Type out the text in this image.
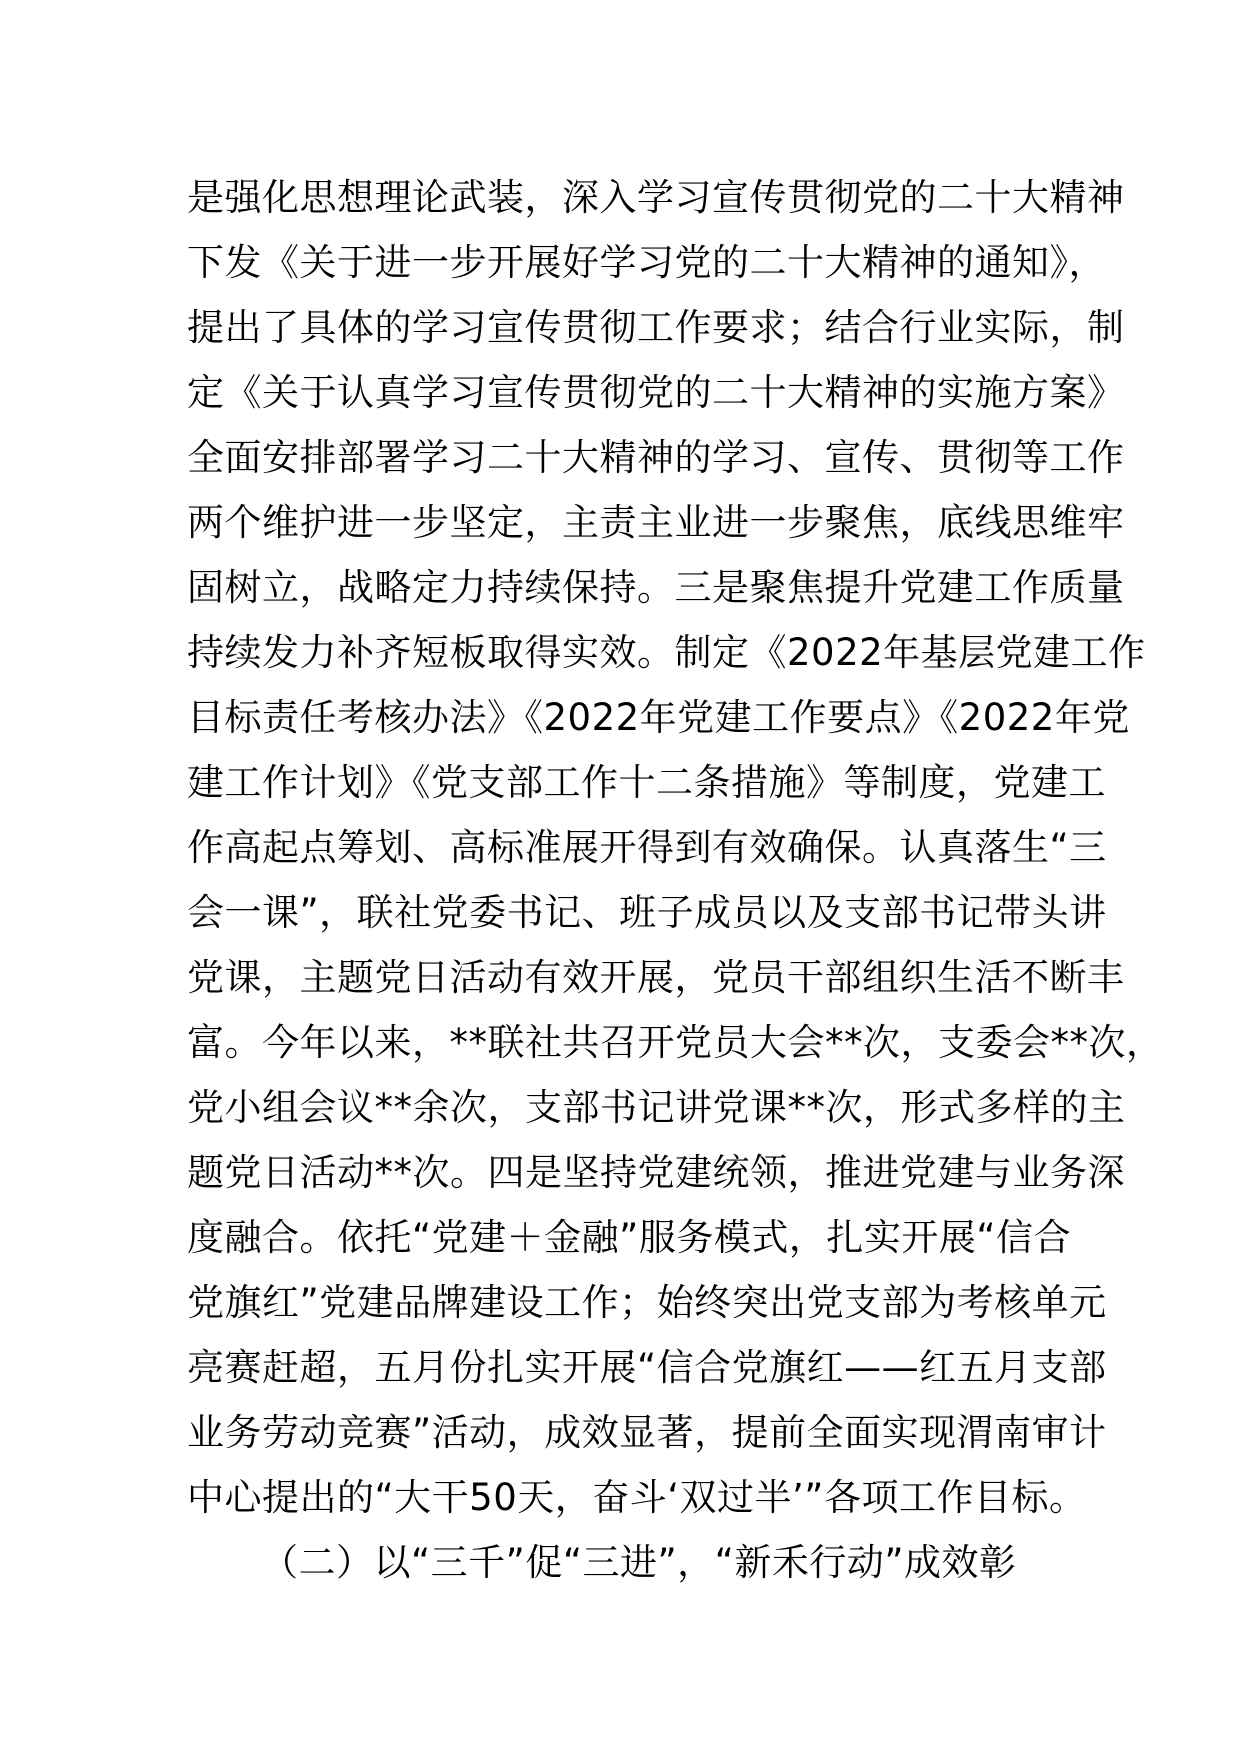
是强化思想理论武装，深入学习宣传贯彻党的二十大精神
下发《关于进一步开展好学习党的二十大精神的通知》，
提出了具体的学习宣传贯彻工作要求；结合行业实际，制
定《关于认真学习宣传贯彻党的二十大精神的实施方案》
全面安排部署学习二十大精神的学习、宣传、贯彻等工作
两个维护进一步坚定，主责主业进一步聚焦，底线思维牢
固树立，战略定力持续保持。三是聚焦提升党建工作质量
持续发力补齐短板取得实效。制定《2022年基层党建工作
目标责任考核办法》《2022年党建工作要点》《2022年党
建工作计划》《党支部工作十二条措施》等制度，党建工
作高起点筹划、高标准展开得到有效确保。认真落生“三
会一课”，联社党委书记、班子成员以及支部书记带头讲
党课，主题党日活动有效开展，党员干部组织生活不断丰
富。今年以来，**联社共召开党员大会**次，支委会**次，
党小组会议**余次，支部书记讲党课**次，形式多样的主
题党日活动**次。四是坚持党建统领，推进党建与业务深
度融合。依托“党建＋金融”服务模式，扎实开展“信合
党旗红”党建品牌建设工作；始终突出党支部为考核单元
亮赛赶超，五月份扎实开展“信合党旗红——红五月支部
业务劳动竞赛”活动，成效显著，提前全面实现渭南审计
中心提出的“大干50天，奋斗‘双过半’”各项工作目标。
（二）以“三千”促“三进”，“新禾行动”成效彰
